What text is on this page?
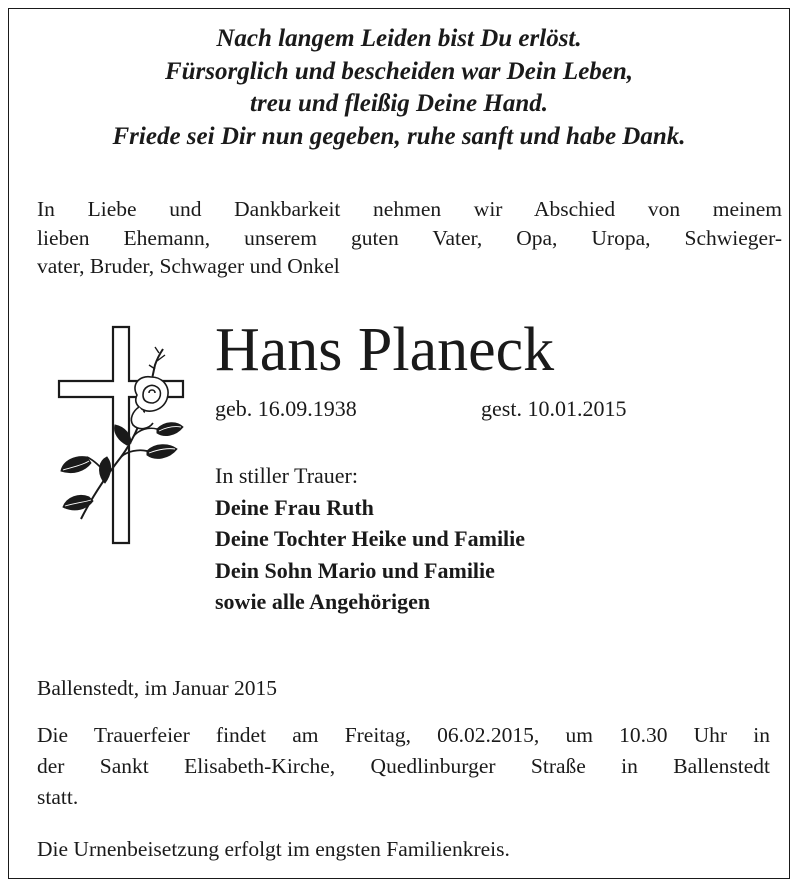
Nach langem Leiden bist Du erlöst.
Fürsorglich und bescheiden war Dein Leben,
treu und fleißig Deine Hand.
Friede sei Dir nun gegeben, ruhe sanft und habe Dank.
In Liebe und Dankbarkeit nehmen wir Abschied von meinem
lieben Ehemann, unserem guten Vater, Opa, Uropa, Schwieger-
vater, Bruder, Schwager und Onkel
Hans Planeck
geb. 16.09.1938	gest. 10.01.2015
In stiller Trauer:
Deine Frau Ruth
Deine Tochter Heike und Familie
Dein Sohn Mario und Familie
sowie alle Angehörigen
Ballenstedt, im Januar 2015
Die Trauerfeier findet am Freitag, 06.02.2015, um 10.30 Uhr in
der Sankt Elisabeth-Kirche, Quedlinburger Straße in Ballenstedt
statt.
Die Urnenbeisetzung erfolgt im engsten Familienkreis.
